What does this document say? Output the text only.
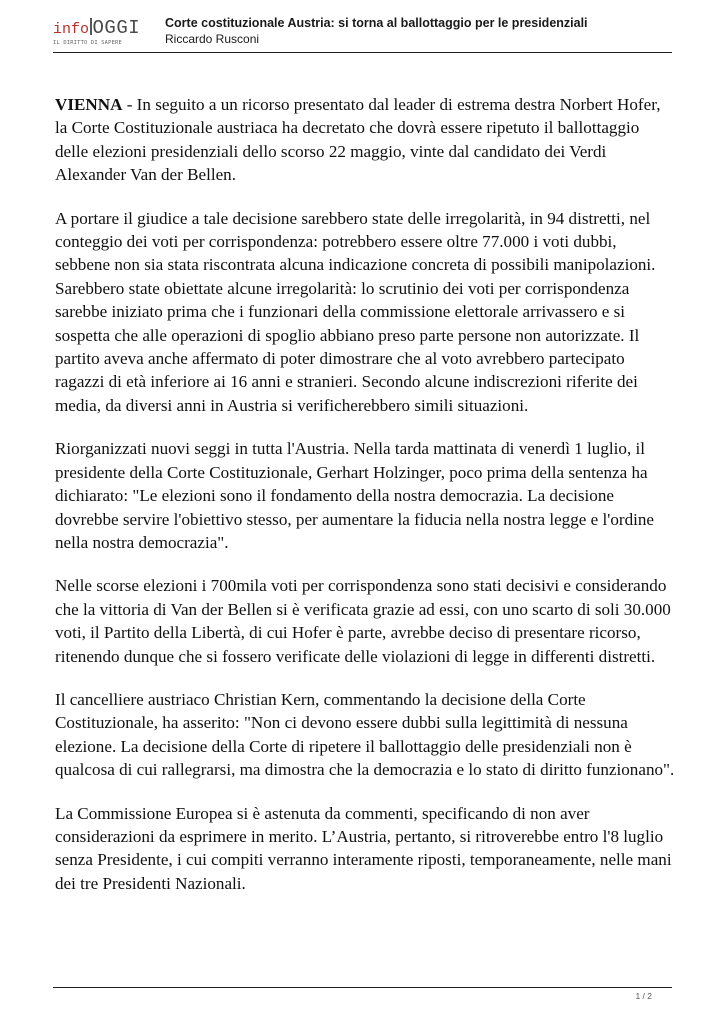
info OGGI
IL DIRITTO DI SAPERE
Corte costituzionale Austria: si torna al ballottaggio per le presidenziali
Riccardo Rusconi

VIENNA - In seguito a un ricorso presentato dal leader di estrema destra Norbert Hofer, la Corte Costituzionale austriaca ha decretato che dovrà essere ripetuto il ballottaggio delle elezioni presidenziali dello scorso 22 maggio, vinte dal candidato dei Verdi Alexander Van der Bellen.

A portare il giudice a tale decisione sarebbero state delle irregolarità, in 94 distretti, nel conteggio dei voti per corrispondenza: potrebbero essere oltre 77.000 i voti dubbi, sebbene non sia stata riscontrata alcuna indicazione concreta di possibili manipolazioni. Sarebbero state obiettate alcune irregolarità: lo scrutinio dei voti per corrispondenza sarebbe iniziato prima che i funzionari della commissione elettorale arrivassero e si sospetta che alle operazioni di spoglio abbiano preso parte persone non autorizzate. Il partito aveva anche affermato di poter dimostrare che al voto avrebbero partecipato ragazzi di età inferiore ai 16 anni e stranieri. Secondo alcune indiscrezioni riferite dei media, da diversi anni in Austria si verificherebbero simili situazioni.

Riorganizzati nuovi seggi in tutta l'Austria. Nella tarda mattinata di venerdì 1 luglio, il presidente della Corte Costituzionale, Gerhart Holzinger, poco prima della sentenza ha dichiarato: "Le elezioni sono il fondamento della nostra democrazia. La decisione dovrebbe servire l'obiettivo stesso, per aumentare la fiducia nella nostra legge e l'ordine nella nostra democrazia".

Nelle scorse elezioni i 700mila voti per corrispondenza sono stati decisivi e considerando che la vittoria di Van der Bellen si è verificata grazie ad essi, con uno scarto di soli 30.000 voti, il Partito della Libertà, di cui Hofer è parte, avrebbe deciso di presentare ricorso, ritenendo dunque che si fossero verificate delle violazioni di legge in differenti distretti.

Il cancelliere austriaco Christian Kern, commentando la decisione della Corte Costituzionale, ha asserito: "Non ci devono essere dubbi sulla legittimità di nessuna elezione. La decisione della Corte di ripetere il ballottaggio delle presidenziali non è qualcosa di cui rallegrarsi, ma dimostra che la democrazia e lo stato di diritto funzionano".

La Commissione Europea si è astenuta da commenti, specificando di non aver considerazioni da esprimere in merito. L’Austria, pertanto, si ritroverebbe entro l'8 luglio senza Presidente, i cui compiti verranno interamente riposti, temporaneamente, nelle mani dei tre Presidenti Nazionali.

1 / 2
